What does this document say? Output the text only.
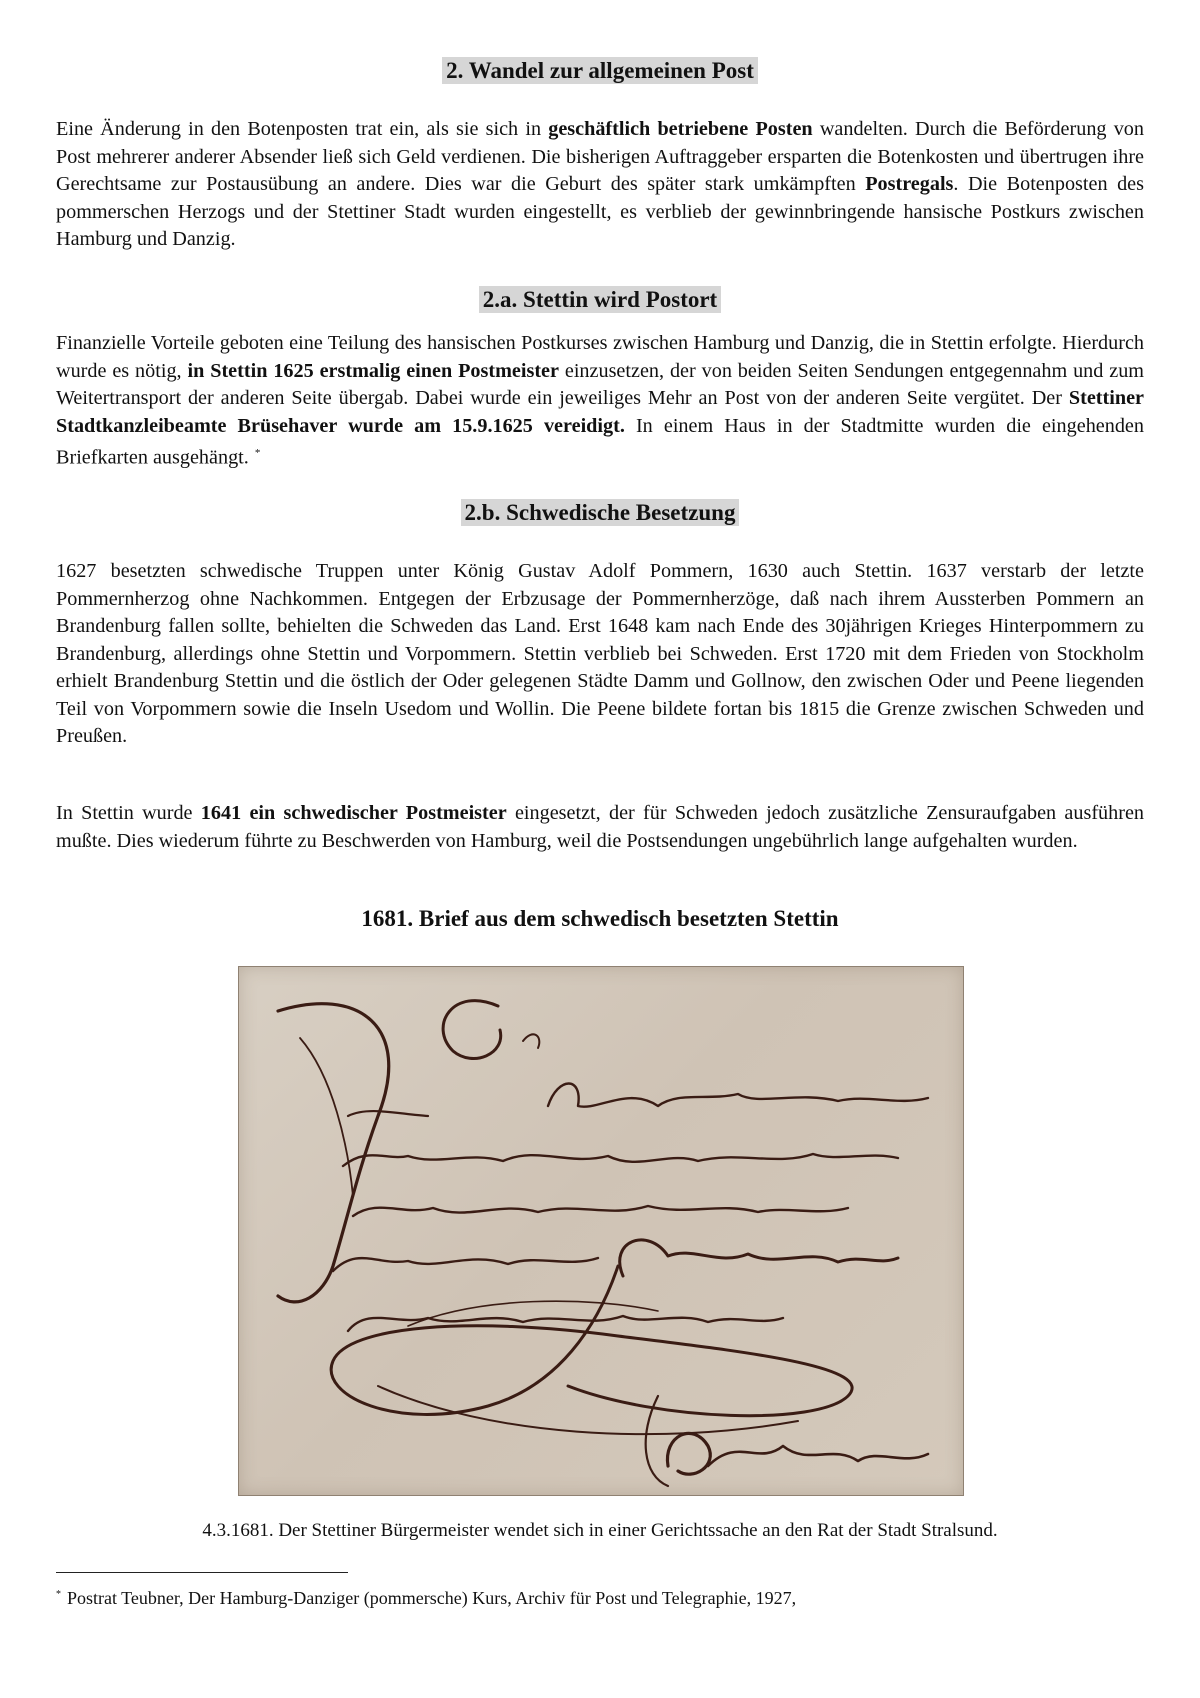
2. Wandel zur allgemeinen Post

Eine Änderung in den Botenposten trat ein, als sie sich in geschäftlich betriebene Posten wandelten. Durch die Beförderung von Post mehrerer anderer Absender ließ sich Geld verdienen. Die bisherigen Auftraggeber ersparten die Botenkosten und übertrugen ihre Gerechtsame zur Postausübung an andere. Dies war die Geburt des später stark umkämpften Postregals. Die Botenposten des pommerschen Herzogs und der Stettiner Stadt wurden eingestellt, es verblieb der gewinnbringende hansische Postkurs zwischen Hamburg und Danzig.

2.a. Stettin wird Postort

Finanzielle Vorteile geboten eine Teilung des hansischen Postkurses zwischen Hamburg und Danzig, die in Stettin erfolgte. Hierdurch wurde es nötig, in Stettin 1625 erstmalig einen Postmeister einzusetzen, der von beiden Seiten Sendungen entgegennahm und zum Weitertransport der anderen Seite übergab. Dabei wurde ein jeweiliges Mehr an Post von der anderen Seite vergütet. Der Stettiner Stadtkanzleibeamte Brüsehaver wurde am 15.9.1625 vereidigt. In einem Haus in der Stadtmitte wurden die eingehenden Briefkarten ausgehängt. *

2.b. Schwedische Besetzung

1627 besetzten schwedische Truppen unter König Gustav Adolf Pommern, 1630 auch Stettin. 1637 verstarb der letzte Pommernherzog ohne Nachkommen. Entgegen der Erbzusage der Pommernherzöge, daß nach ihrem Aussterben Pommern an Brandenburg fallen sollte, behielten die Schweden das Land. Erst 1648 kam nach Ende des 30jährigen Krieges Hinterpommern zu Brandenburg, allerdings ohne Stettin und Vorpommern. Stettin verblieb bei Schweden. Erst 1720 mit dem Frieden von Stockholm erhielt Brandenburg Stettin und die östlich der Oder gelegenen Städte Damm und Gollnow, den zwischen Oder und Peene liegenden Teil von Vorpommern sowie die Inseln Usedom und Wollin. Die Peene bildete fortan bis 1815 die Grenze zwischen Schweden und Preußen.

In Stettin wurde 1641 ein schwedischer Postmeister eingesetzt, der für Schweden jedoch zusätzliche Zensuraufgaben ausführen mußte. Dies wiederum führte zu Beschwerden von Hamburg, weil die Postsendungen ungebührlich lange aufgehalten wurden.

1681. Brief aus dem schwedisch besetzten Stettin
4.3.1681. Der Stettiner Bürgermeister wendet sich in einer Gerichtssache an den Rat der Stadt Stralsund.
* Postrat Teubner, Der Hamburg-Danziger (pommersche) Kurs, Archiv für Post und Telegraphie, 1927,
